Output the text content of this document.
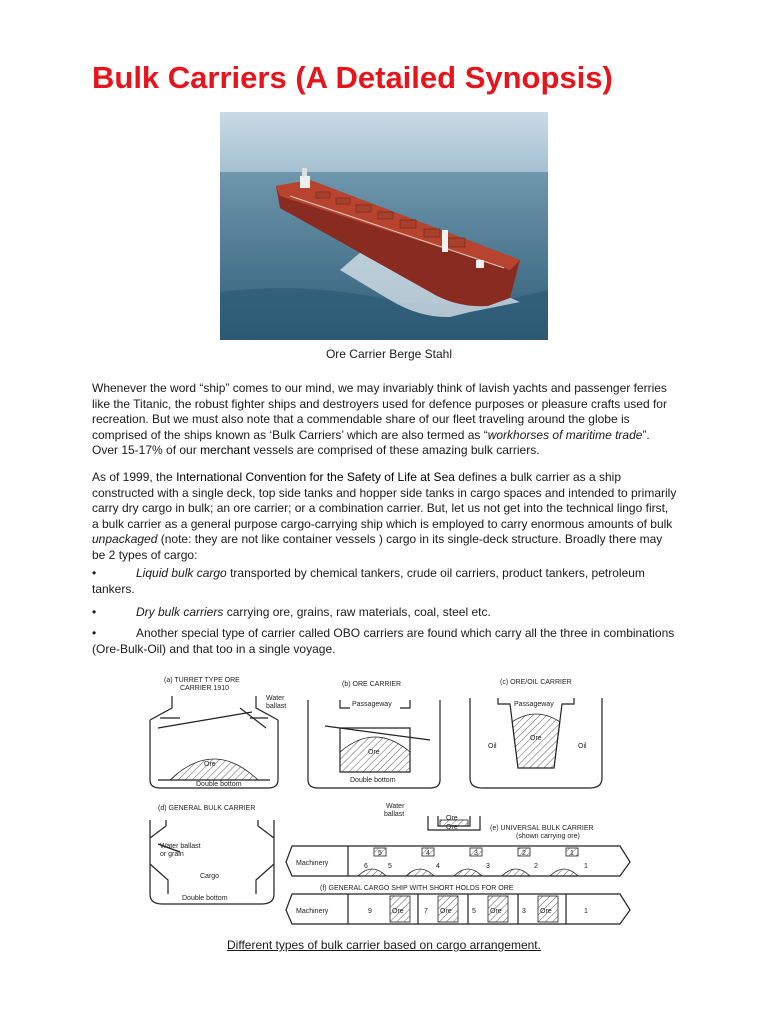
Bulk Carriers (A Detailed Synopsis)
Ore Carrier Berge Stahl

Whenever the word “ship” comes to our mind, we may invariably think of lavish yachts and passenger ferries like the Titanic, the robust fighter ships and destroyers used for defence purposes or pleasure crafts used for recreation. But we must also note that a commendable share of our fleet traveling around the globe is comprised of the ships known as ‘Bulk Carriers’ which are also termed as “workhorses of maritime trade”. Over 15-17% of our merchant vessels are comprised of these amazing bulk carriers.

As of 1999, the International Convention for the Safety of Life at Sea defines a bulk carrier as a ship constructed with a single deck, top side tanks and hopper side tanks in cargo spaces and intended to primarily carry dry cargo in bulk; an ore carrier; or a combination carrier. But, let us not get into the technical lingo first, a bulk carrier as a general purpose cargo-carrying ship which is employed to carry enormous amounts of bulk unpackaged (note: they are not like container vessels ) cargo in its single-deck structure. Broadly there may be 2 types of cargo:

•	Liquid bulk cargo transported by chemical tankers, crude oil carriers, product tankers, petroleum tankers.
•	Dry bulk carriers carrying ore, grains, raw materials, coal, steel etc.
•	Another special type of carrier called OBO carriers are found which carry all the three in combinations (Ore-Bulk-Oil) and that too in a single voyage.
(a) TURRET TYPE ORE
CARRIER 1910
Water
ballast
Ore
Double bottom
(b) ORE CARRIER
Passageway
Ore
Double bottom
(c) ORE/OIL CARRIER
Passageway
Ore
Oil	Oil
(d) GENERAL BULK CARRIER
Water ballast
or grain
Cargo
Double bottom
Water
ballast
Ore
Ore	(e) UNIVERSAL BULK CARRIER
(shown carrying ore)
Machinery	6
5
5
4
4
3
3
2
2
1
1
(f) GENERAL CARGO SHIP WITH SHORT HOLDS FOR ORE
Machinery	9	Ore	7 Ore	5 Ore	3 Ore	1
Different types of bulk carrier based on cargo arrangement.
